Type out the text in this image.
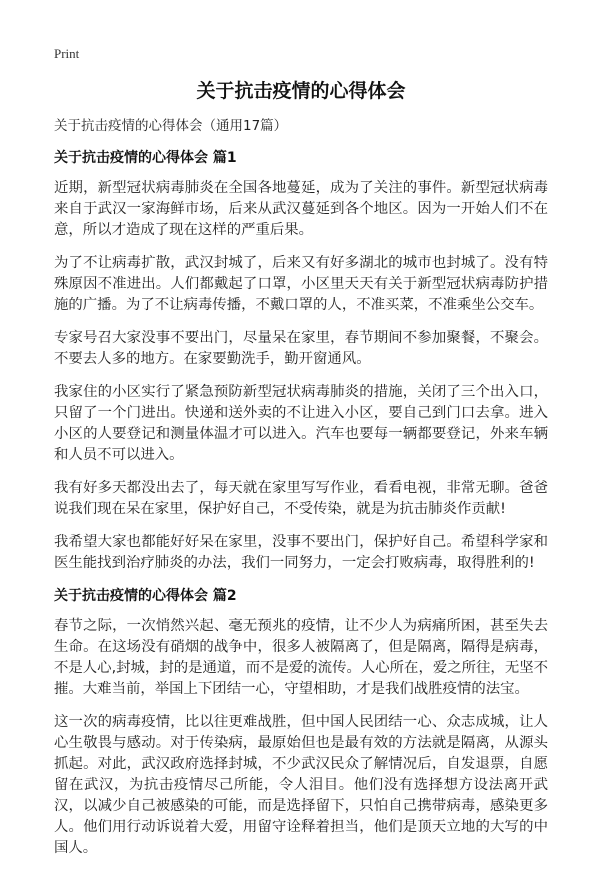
Print
关于抗击疫情的心得体会
关于抗击疫情的心得体会（通用17篇）
关于抗击疫情的心得体会 篇1

近期，新型冠状病毒肺炎在全国各地蔓延，成为了关注的事件。新型冠状病毒来自于武汉一家海鲜市场，后来从武汉蔓延到各个地区。因为一开始人们不在意，所以才造成了现在这样的严重后果。

为了不让病毒扩散，武汉封城了，后来又有好多湖北的城市也封城了。没有特殊原因不准进出。人们都戴起了口罩，小区里天天有关于新型冠状病毒防护措施的广播。为了不让病毒传播，不戴口罩的人，不准买菜，不准乘坐公交车。

专家号召大家没事不要出门，尽量呆在家里，春节期间不参加聚餐，不聚会。不要去人多的地方。在家要勤洗手，勤开窗通风。

我家住的小区实行了紧急预防新型冠状病毒肺炎的措施，关闭了三个出入口，只留了一个门进出。快递和送外卖的不让进入小区，要自己到门口去拿。进入小区的人要登记和测量体温才可以进入。汽车也要每一辆都要登记，外来车辆和人员不可以进入。

我有好多天都没出去了，每天就在家里写写作业，看看电视，非常无聊。爸爸说我们现在呆在家里，保护好自己，不受传染，就是为抗击肺炎作贡献!

我希望大家也都能好好呆在家里，没事不要出门，保护好自己。希望科学家和医生能找到治疗肺炎的办法，我们一同努力，一定会打败病毒，取得胜利的!

关于抗击疫情的心得体会 篇2

春节之际，一次悄然兴起、毫无预兆的疫情，让不少人为病痛所困，甚至失去生命。在这场没有硝烟的战争中，很多人被隔离了，但是隔离，隔得是病毒，不是人心,封城，封的是通道，而不是爱的流传。人心所在，爱之所往，无坚不摧。大难当前，举国上下团结一心，守望相助，才是我们战胜疫情的法宝。

这一次的病毒疫情，比以往更难战胜，但中国人民团结一心、众志成城，让人心生敬畏与感动。对于传染病，最原始但也是最有效的方法就是隔离，从源头抓起。对此，武汉政府选择封城，不少武汉民众了解情况后，自发退票，自愿留在武汉，为抗击疫情尽己所能，令人泪目。他们没有选择想方设法离开武汉，以减少自己被感染的可能，而是选择留下，只怕自己携带病毒，感染更多人。他们用行动诉说着大爱，用留守诠释着担当，他们是顶天立地的大写的中国人。
